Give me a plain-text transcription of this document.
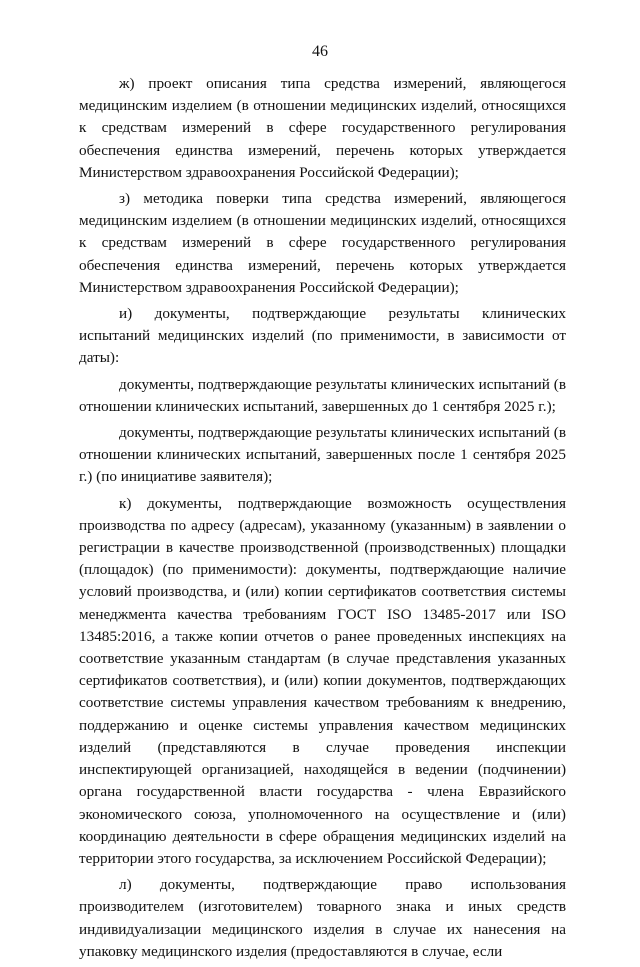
46

ж) проект описания типа средства измерений, являющегося медицинским изделием (в отношении медицинских изделий, относящихся к средствам измерений в сфере государственного регулирования обеспечения единства измерений, перечень которых утверждается Министерством здравоохранения Российской Федерации);

з) методика поверки типа средства измерений, являющегося медицинским изделием (в отношении медицинских изделий, относящихся к средствам измерений в сфере государственного регулирования обеспечения единства измерений, перечень которых утверждается Министерством здравоохранения Российской Федерации);

и) документы, подтверждающие результаты клинических испытаний медицинских изделий (по применимости, в зависимости от даты):

документы, подтверждающие результаты клинических испытаний (в отношении клинических испытаний, завершенных до 1 сентября 2025 г.);

документы, подтверждающие результаты клинических испытаний (в отношении клинических испытаний, завершенных после 1 сентября 2025 г.) (по инициативе заявителя);

к) документы, подтверждающие возможность осуществления производства по адресу (адресам), указанному (указанным) в заявлении о регистрации в качестве производственной (производственных) площадки (площадок) (по применимости): документы, подтверждающие наличие условий производства, и (или) копии сертификатов соответствия системы менеджмента качества требованиям ГОСТ ISO 13485-2017 или ISO 13485:2016, а также копии отчетов о ранее проведенных инспекциях на соответствие указанным стандартам (в случае представления указанных сертификатов соответствия), и (или) копии документов, подтверждающих соответствие системы управления качеством требованиям к внедрению, поддержанию и оценке системы управления качеством медицинских изделий (представляются в случае проведения инспекции инспектирующей организацией, находящейся в ведении (подчинении) органа государственной власти государства - члена Евразийского экономического союза, уполномоченного на осуществление и (или) координацию деятельности в сфере обращения медицинских изделий на территории этого государства, за исключением Российской Федерации);

л) документы, подтверждающие право использования производителем (изготовителем) товарного знака и иных средств индивидуализации медицинского изделия в случае их нанесения на упаковку медицинского изделия (предоставляются в случае, если
